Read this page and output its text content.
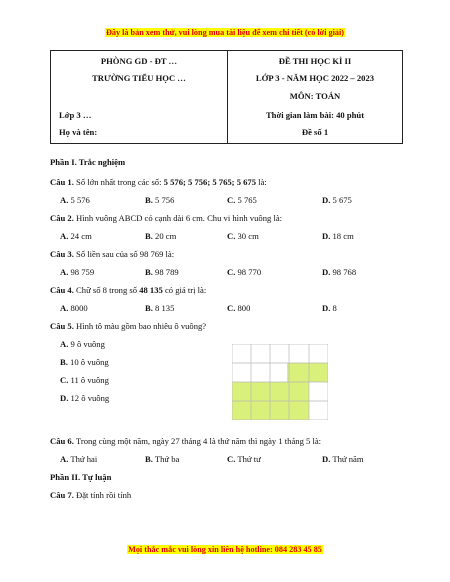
Đây là bản xem thử, vui lòng mua tài liệu để xem chi tiết (có lời giải)
PHÒNG GD - ĐT …
TRƯỜNG TIỂU HỌC …
Lớp 3 …
Họ và tên:

ĐỀ THI HỌC KÌ II
LỚP 3 - NĂM HỌC 2022 – 2023
MÔN: TOÁN
Thời gian làm bài: 40 phút
Đề số 1
Phần I. Trắc nghiệm
Câu 1. Số lớn nhất trong các số: 5 576; 5 756; 5 765; 5 675 là:
A. 5 576	B. 5 756	C. 5 765	D. 5 675
Câu 2. Hình vuông ABCD có cạnh dài 6 cm. Chu vi hình vuông là:
A. 24 cm	B. 20 cm	C. 30 cm	D. 18 cm
Câu 3. Số liền sau của số 98 769 là:
A. 98 759	B. 98 789	C. 98 770	D. 98 768
Câu 4. Chữ số 8 trong số 48 135 có giá trị là:
A. 8000	B. 8 135	C. 800	D. 8
Câu 5. Hình tô màu gồm bao nhiêu ô vuông?
A. 9 ô vuông
B. 10 ô vuông
C. 11 ô vuông
D. 12 ô vuông
Câu 6. Trong cùng một năm, ngày 27 tháng 4 là thứ năm thì ngày 1 tháng 5 là:
A. Thứ hai	B. Thứ ba	C. Thứ tư	D. Thứ năm
Phần II. Tự luận
Câu 7. Đặt tính rồi tính
Mọi thắc mắc vui lòng xin liên hệ hotline: 084 283 45 85
